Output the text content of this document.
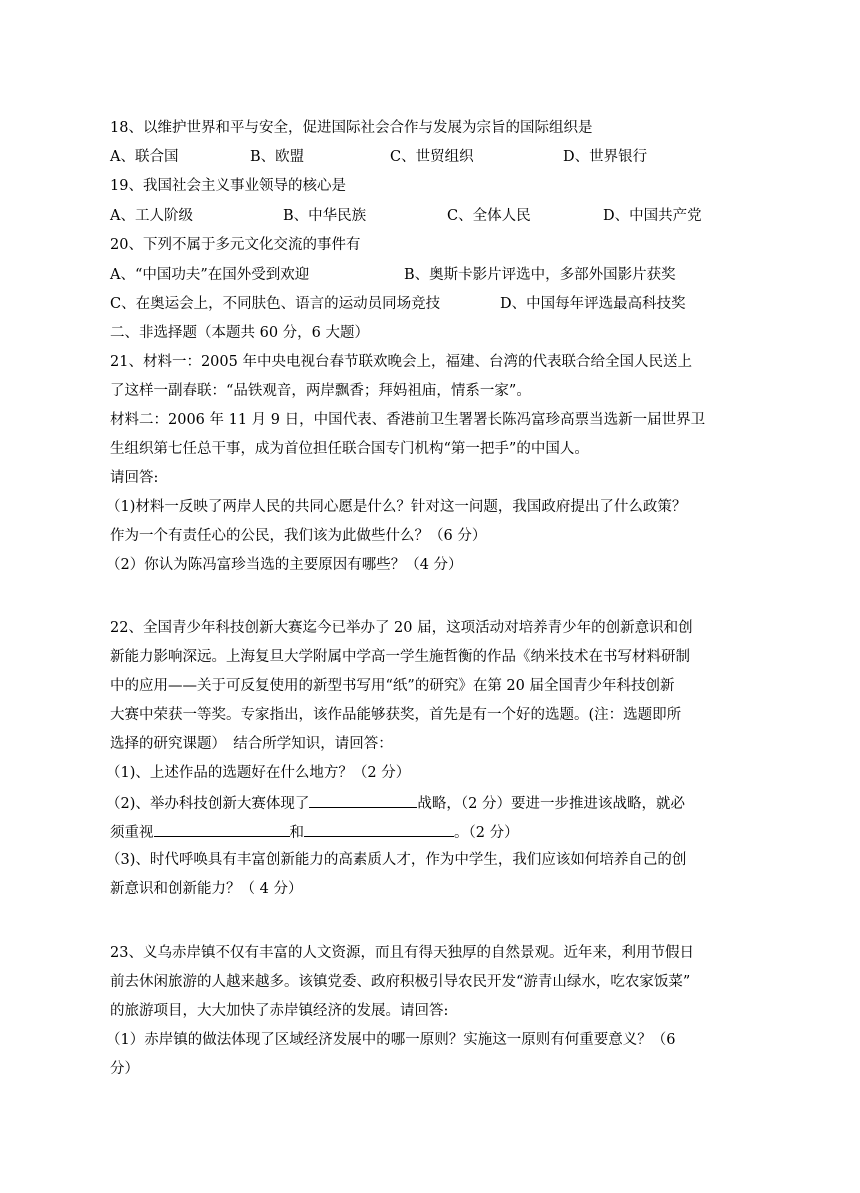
18、以维护世界和平与安全，促进国际社会合作与发展为宗旨的国际组织是
A、联合国	B、欧盟	C、世贸组织	D、世界银行
19、我国社会主义事业领导的核心是
A、工人阶级	B、中华民族	C、全体人民	D、中国共产党
20、下列不属于多元文化交流的事件有
A、“中国功夫”在国外受到欢迎	B、奥斯卡影片评选中，多部外国影片获奖
C、在奥运会上，不同肤色、语言的运动员同场竞技	D、中国每年评选最高科技奖
二、非选择题（本题共 60 分，6 大题）
21、材料一：2005 年中央电视台春节联欢晚会上，福建、台湾的代表联合给全国人民送上
了这样一副春联：“品铁观音，两岸飘香；拜妈祖庙，情系一家”。
材料二：2006 年 11 月 9 日，中国代表、香港前卫生署署长陈冯富珍高票当选新一届世界卫
生组织第七任总干事，成为首位担任联合国专门机构“第一把手”的中国人。
请回答:
（1)材料一反映了两岸人民的共同心愿是什么？针对这一问题，我国政府提出了什么政策？
作为一个有责任心的公民，我们该为此做些什么？（6 分）
（2）你认为陈冯富珍当选的主要原因有哪些？（4 分）
22、全国青少年科技创新大赛迄今已举办了 20 届，这项活动对培养青少年的创新意识和创
新能力影响深远。上海复旦大学附属中学高一学生施哲衡的作品《纳米技术在书写材料研制
中的应用——关于可反复使用的新型书写用“纸”的研究》在第 20 届全国青少年科技创新
大赛中荣获一等奖。专家指出，该作品能够获奖，首先是有一个好的选题。(注：选题即所
选择的研究课题）　结合所学知识，请回答：
（1)、上述作品的选题好在什么地方？（2 分）
（2)、举办科技创新大赛体现了	战略，（2 分）要进一步推进该战略，就必
须重视	和	。（2 分）
（3)、时代呼唤具有丰富创新能力的高素质人才，作为中学生，我们应该如何培养自己的创
新意识和创新能力？（ 4 分）
23、义乌赤岸镇不仅有丰富的人文资源，而且有得天独厚的自然景观。近年来，利用节假日
前去休闲旅游的人越来越多。该镇党委、政府积极引导农民开发“游青山绿水，吃农家饭菜”
的旅游项目，大大加快了赤岸镇经济的发展。请回答:
（1）赤岸镇的做法体现了区域经济发展中的哪一原则？实施这一原则有何重要意义？（6
分）
